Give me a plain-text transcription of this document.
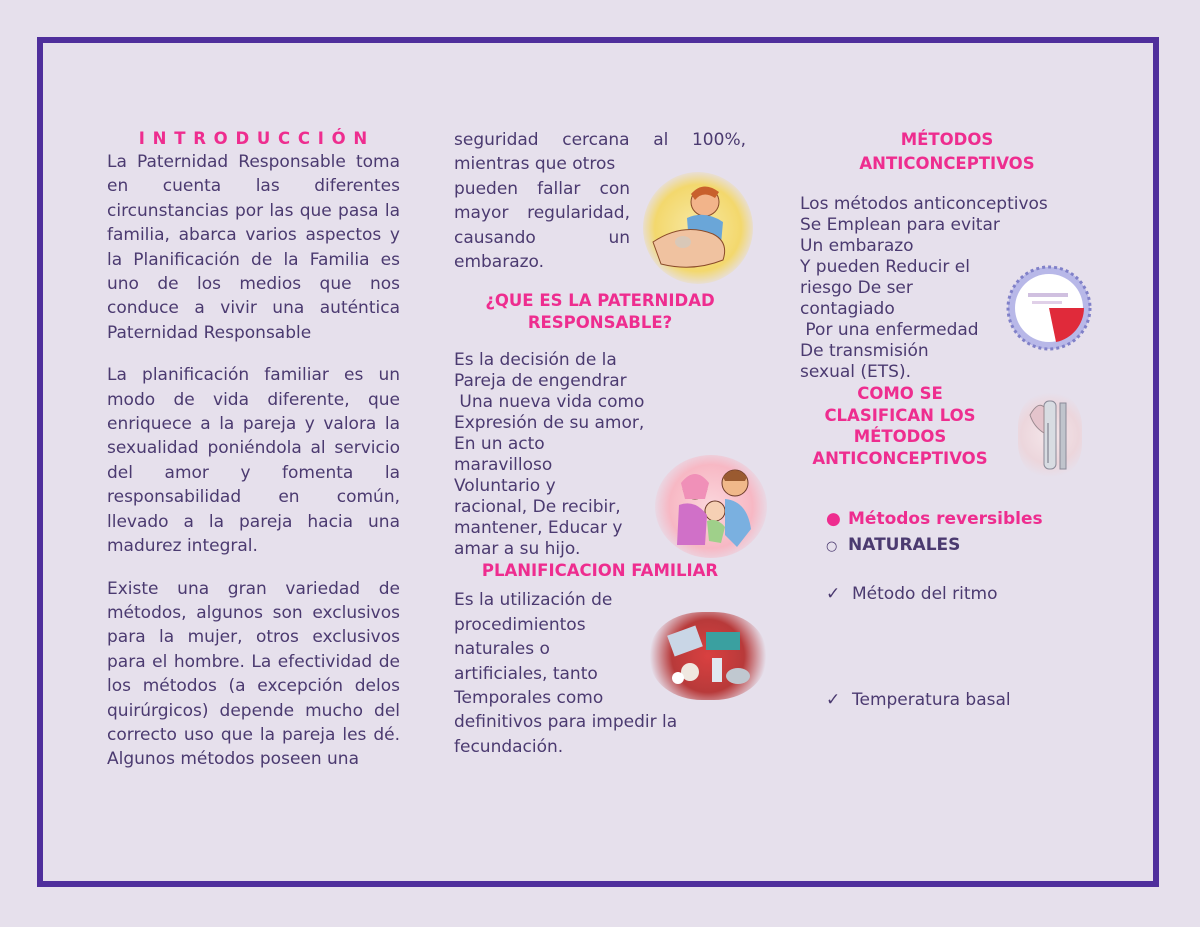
I N T R O D U C C I Ó N

La Paternidad Responsable toma en cuenta las diferentes circunstancias por las que pasa la familia, abarca varios aspectos y la Planificación de la Familia es uno de los medios que nos conduce a vivir una auténtica Paternidad Responsable

La planificación familiar es un modo de vida diferente, que enriquece a la pareja y valora la sexualidad poniéndola al servicio del amor y fomenta la responsabilidad en común, llevado a la pareja hacia una madurez integral.

Existe una gran variedad de métodos, algunos son exclusivos para la mujer, otros exclusivos para el hombre. La efectividad de los métodos (a excepción delos quirúrgicos) depende mucho del correcto uso que la pareja les dé. Algunos métodos poseen una

seguridad cercana al 100%,
mientras que otros
pueden fallar con
mayor regularidad,
causando un
embarazo.
¿QUE ES LA PATERNIDAD
RESPONSABLE?
Es la decisión de la
Pareja de engendrar
Una nueva vida como
Expresión de su amor,
En un acto
maravilloso
Voluntario y
racional, De recibir,
mantener, Educar y
amar a su hijo.
PLANIFICACION FAMILIAR
Es la utilización de
procedimientos
naturales o
artificiales, tanto
Temporales como
definitivos para impedir la
fecundación.
MÉTODOS
ANTICONCEPTIVOS
Los métodos anticonceptivos
Se Emplean para evitar
Un embarazo
Y pueden Reducir el
riesgo De ser
contagiado
Por una enfermedad
De transmisión
sexual (ETS).
COMO SE
CLASIFICAN LOS
MÉTODOS
ANTICONCEPTIVOS
● Métodos reversibles
○ NATURALES
✓ Método del ritmo
✓ Temperatura basal
